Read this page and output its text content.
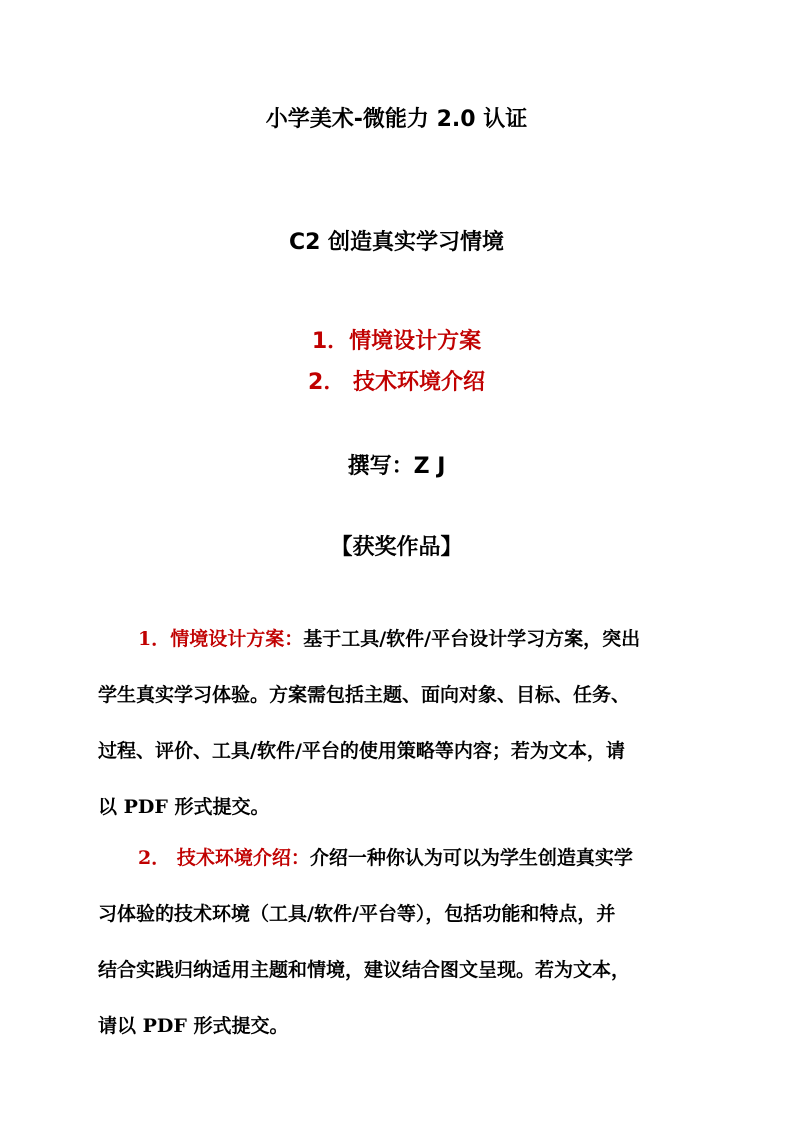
小学美术-微能力 2.0 认证
C2 创造真实学习情境
1．情境设计方案
2． 技术环境介绍
撰写：Z J
【获奖作品】
1．情境设计方案：基于工具/软件/平台设计学习方案，突出
学生真实学习体验。方案需包括主题、面向对象、目标、任务、
过程、评价、工具/软件/平台的使用策略等内容；若为文本，请
以 PDF 形式提交。
2． 技术环境介绍：介绍一种你认为可以为学生创造真实学
习体验的技术环境（工具/软件/平台等），包括功能和特点，并
结合实践归纳适用主题和情境，建议结合图文呈现。若为文本，
请以 PDF 形式提交。
